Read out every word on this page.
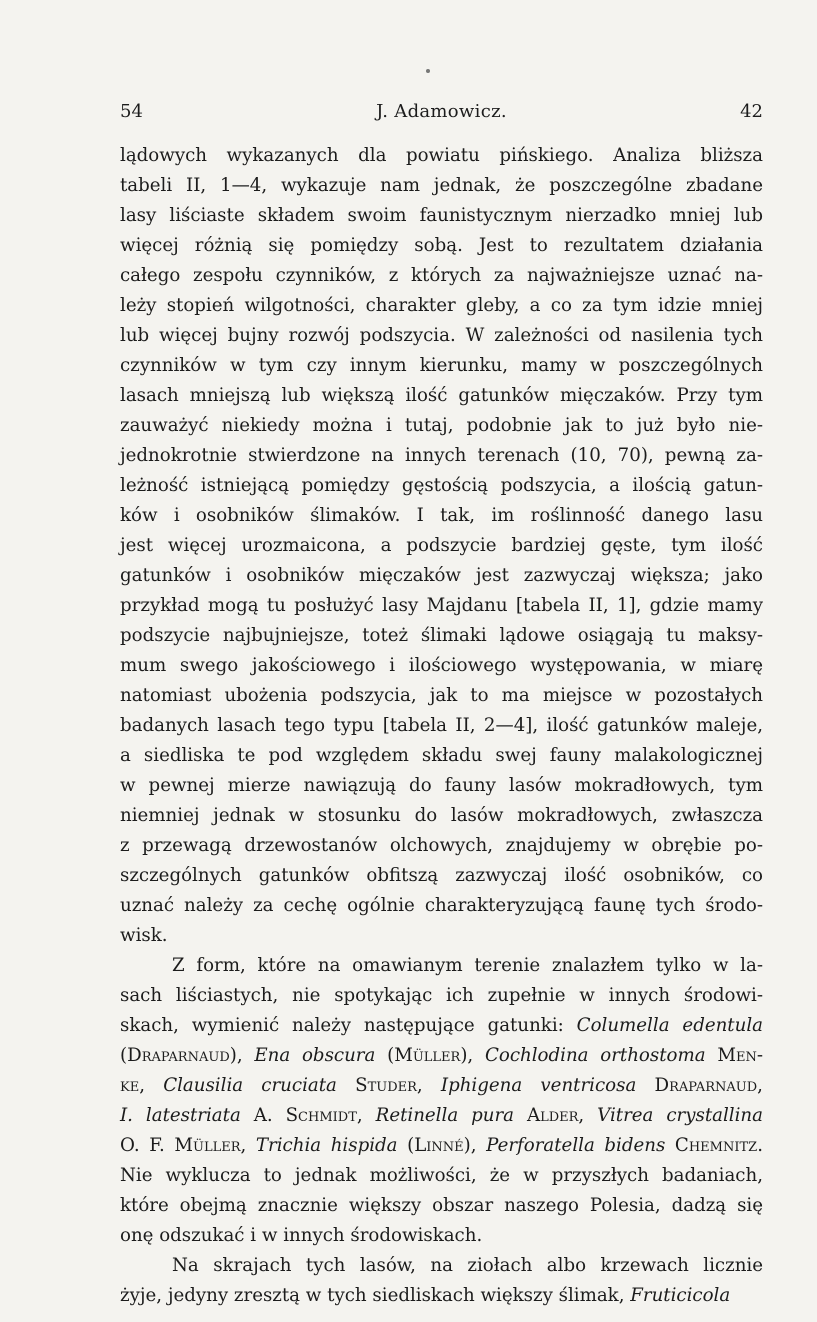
54	J. Adamowicz.	42
lądowych wykazanych dla powiatu pińskiego. Analiza bliższa
tabeli II, 1—4, wykazuje nam jednak, że poszczególne zbadane
lasy liściaste składem swoim faunistycznym nierzadko mniej lub
więcej różnią się pomiędzy sobą. Jest to rezultatem działania
całego zespołu czynników, z których za najważniejsze uznać na-
leży stopień wilgotności, charakter gleby, a co za tym idzie mniej
lub więcej bujny rozwój podszycia. W zależności od nasilenia tych
czynników w tym czy innym kierunku, mamy w poszczególnych
lasach mniejszą lub większą ilość gatunków mięczaków. Przy tym
zauważyć niekiedy można i tutaj, podobnie jak to już było nie-
jednokrotnie stwierdzone na innych terenach (10, 70), pewną za-
leżność istniejącą pomiędzy gęstością podszycia, a ilością gatun-
ków i osobników ślimaków. I tak, im roślinność danego lasu
jest więcej urozmaicona, a podszycie bardziej gęste, tym ilość
gatunków i osobników mięczaków jest zazwyczaj większa; jako
przykład mogą tu posłużyć lasy Majdanu [tabela II, 1], gdzie mamy
podszycie najbujniejsze, toteż ślimaki lądowe osiągają tu maksy-
mum swego jakościowego i ilościowego występowania, w miarę
natomiast ubożenia podszycia, jak to ma miejsce w pozostałych
badanych lasach tego typu [tabela II, 2—4], ilość gatunków maleje,
a siedliska te pod względem składu swej fauny malakologicznej
w pewnej mierze nawiązują do fauny lasów mokradłowych, tym
niemniej jednak w stosunku do lasów mokradłowych, zwłaszcza
z przewagą drzewostanów olchowych, znajdujemy w obrębie po-
szczególnych gatunków obfitszą zazwyczaj ilość osobników, co
uznać należy za cechę ogólnie charakteryzującą faunę tych środo-
wisk.
Z form, które na omawianym terenie znalazłem tylko w la-
sach liściastych, nie spotykając ich zupełnie w innych środowi-
skach, wymienić należy następujące gatunki: Columella edentula
(Draparnaud), Ena obscura (Müller), Cochlodina orthostoma Men-
ke, Clausilia cruciata Studer, Iphigena ventricosa Draparnaud,
I. latestriata A. Schmidt, Retinella pura Alder, Vitrea crystallina
O. F. Müller, Trichia hispida (Linné), Perforatella bidens Chemnitz.
Nie wyklucza to jednak możliwości, że w przyszłych badaniach,
które obejmą znacznie większy obszar naszego Polesia, dadzą się
onę odszukać i w innych środowiskach.
Na skrajach tych lasów, na ziołach albo krzewach licznie
żyje, jedyny zresztą w tych siedliskach większy ślimak, Fruticicola
